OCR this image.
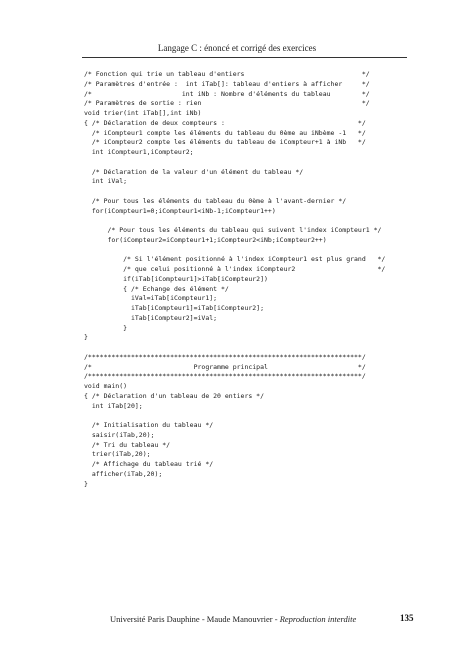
Langage C : énoncé et corrigé des exercices
/* Fonction qui trie un tableau d'entiers                              */
/* Paramètres d'entrée :  int iTab[]: tableau d'entiers à afficher     */
/*                       int iNb : Nombre d'éléments du tableau        */
/* Paramètres de sortie : rien                                         */
void trier(int iTab[],int iNb)
{ /* Déclaration de deux compteurs :                                  */
/* iCompteur1 compte les éléments du tableau du 0ème au iNbème -1   */
/* iCompteur2 compte les éléments du tableau de iCompteur+1 à iNb   */
int iCompteur1,iCompteur2;
/* Déclaration de la valeur d'un élément du tableau */
int iVal;
/* Pour tous les éléments du tableau du 0ème à l'avant-dernier */
for(iCompteur1=0;iCompteur1<iNb-1;iCompteur1++)
/* Pour tous les éléments du tableau qui suivent l'index iCompteur1 */
for(iCompteur2=iCompteur1+1;iCompteur2<iNb;iCompteur2++)
/* Si l'élément positionné à l'index iCompteur1 est plus grand   */
/* que celui positionné à l'index iCompteur2                     */
if(iTab[iCompteur1]>iTab[iCompteur2])
{ /* Echange des élément */
iVal=iTab[iCompteur1];
iTab[iCompteur1]=iTab[iCompteur2];
iTab[iCompteur2]=iVal;
}
}
/**********************************************************************/
/*                          Programme principal                       */
/**********************************************************************/
void main()
{ /* Déclaration d'un tableau de 20 entiers */
int iTab[20];
/* Initialisation du tableau */
saisir(iTab,20);
/* Tri du tableau */
trier(iTab,20);
/* Affichage du tableau trié */
afficher(iTab,20);
}
Université Paris Dauphine - Maude Manouvrier - Reproduction interdite	135
